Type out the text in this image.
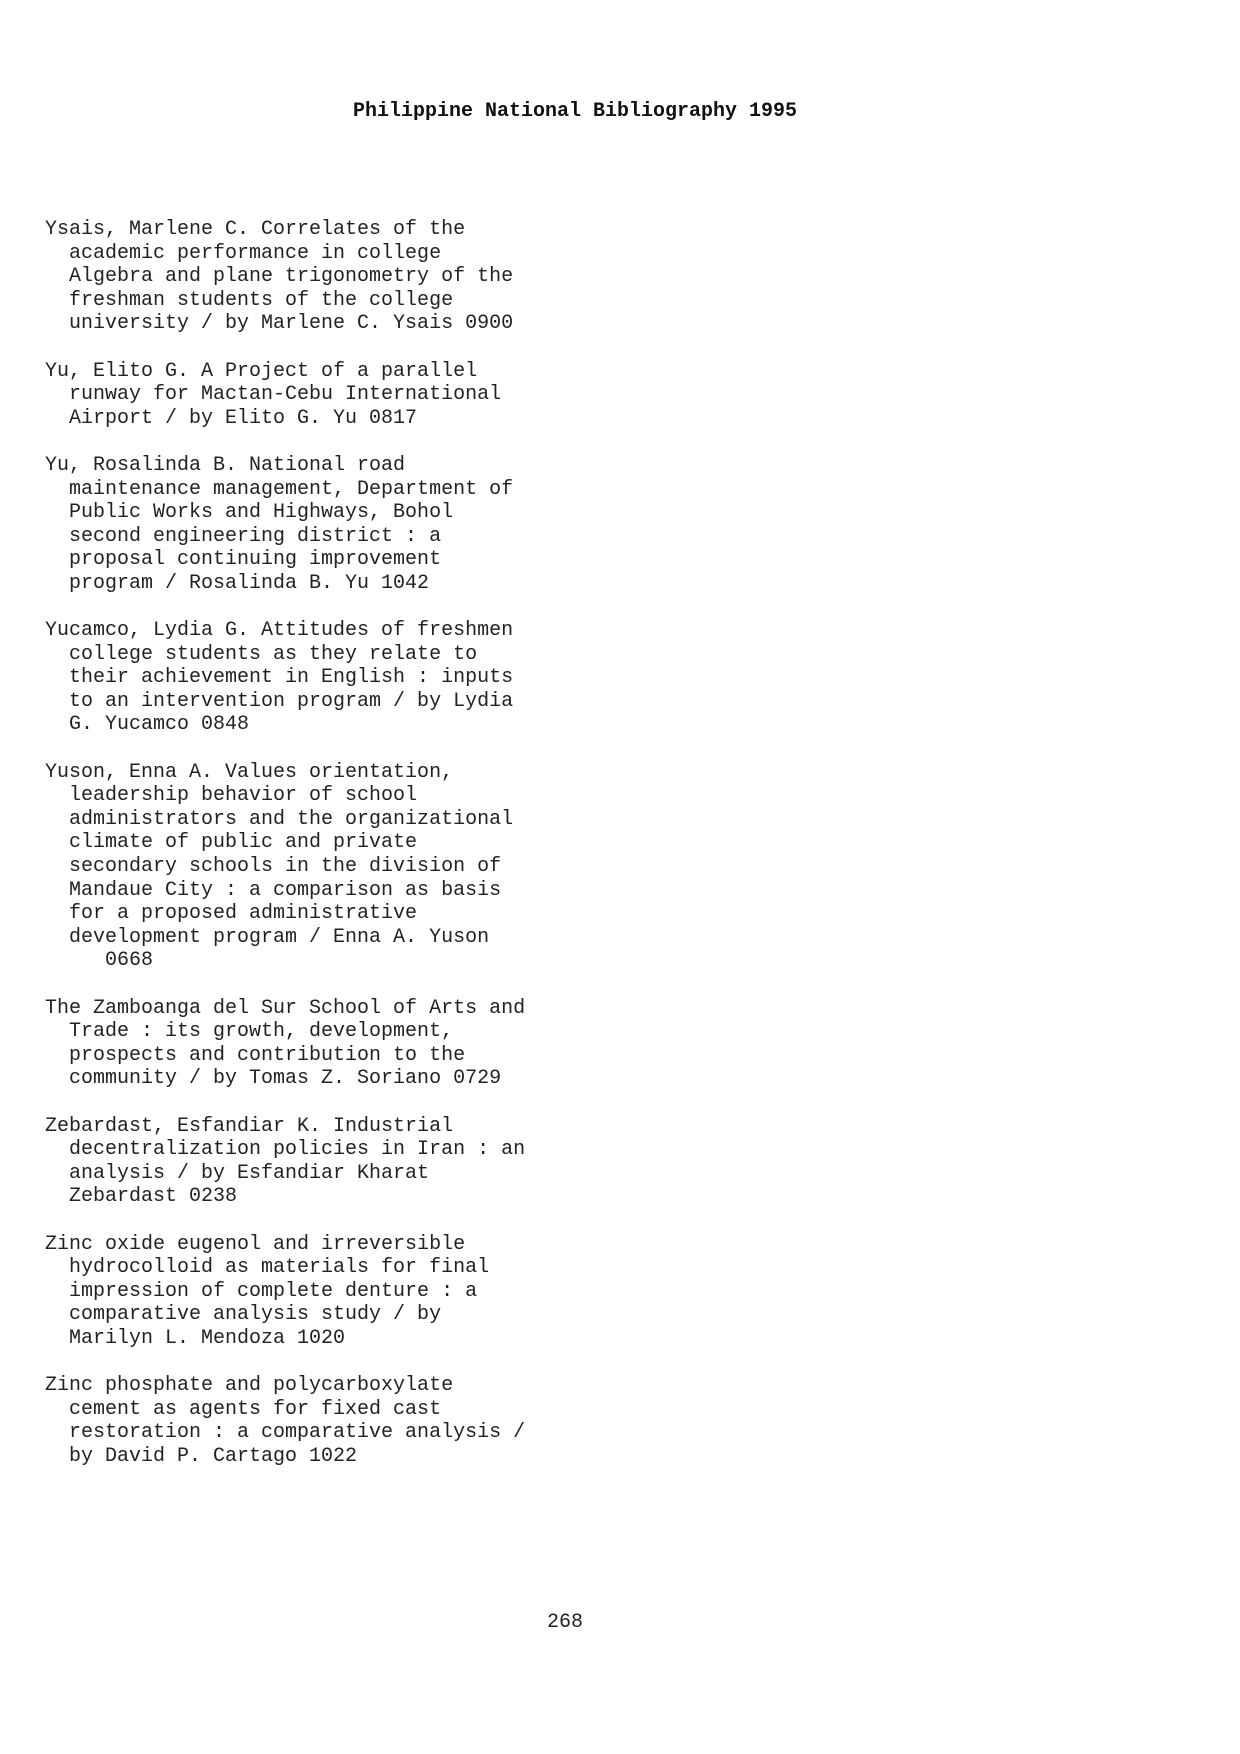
Philippine National Bibliography 1995
Ysais, Marlene C. Correlates of the
academic performance in college
Algebra and plane trigonometry of the
freshman students of the college
university / by Marlene C. Ysais 0900
Yu, Elito G. A Project of a parallel
runway for Mactan-Cebu International
Airport / by Elito G. Yu 0817
Yu, Rosalinda B. National road
maintenance management, Department of
Public Works and Highways, Bohol
second engineering district : a
proposal continuing improvement
program / Rosalinda B. Yu 1042
Yucamco, Lydia G. Attitudes of freshmen
college students as they relate to
their achievement in English : inputs
to an intervention program / by Lydia
G. Yucamco 0848
Yuson, Enna A. Values orientation,
leadership behavior of school
administrators and the organizational
climate of public and private
secondary schools in the division of
Mandaue City : a comparison as basis
for a proposed administrative
development program / Enna A. Yuson
0668
The Zamboanga del Sur School of Arts and
Trade : its growth, development,
prospects and contribution to the
community / by Tomas Z. Soriano 0729
Zebardast, Esfandiar K. Industrial
decentralization policies in Iran : an
analysis / by Esfandiar Kharat
Zebardast 0238
Zinc oxide eugenol and irreversible
hydrocolloid as materials for final
impression of complete denture : a
comparative analysis study / by
Marilyn L. Mendoza 1020
Zinc phosphate and polycarboxylate
cement as agents for fixed cast
restoration : a comparative analysis /
by David P. Cartago 1022
268
